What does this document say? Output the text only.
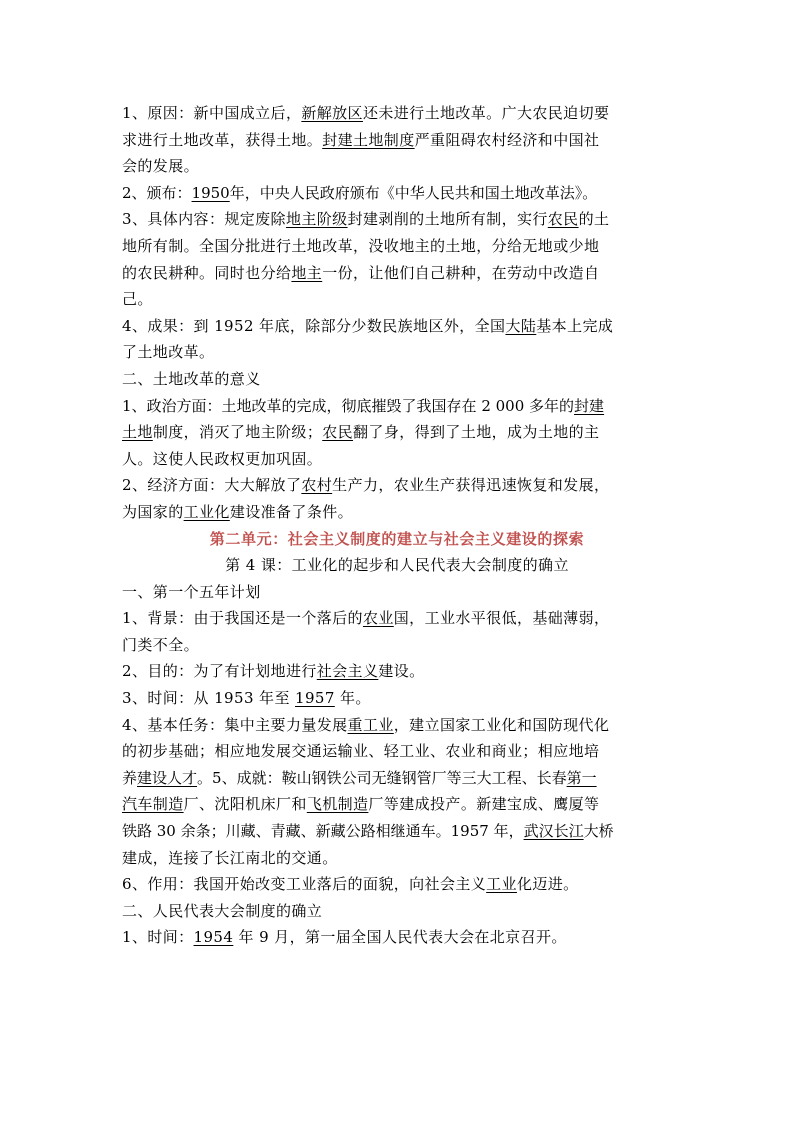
1、原因：新中国成立后，新解放区还未进行土地改革。广大农民迫切要
求进行土地改革，获得土地。封建土地制度严重阻碍农村经济和中国社
会的发展。
2、颁布：1950年，中央人民政府颁布《中华人民共和国土地改革法》。
3、具体内容：规定废除地主阶级封建剥削的土地所有制，实行农民的土
地所有制。全国分批进行土地改革，没收地主的土地，分给无地或少地
的农民耕种。同时也分给地主一份，让他们自己耕种，在劳动中改造自
己。
4、成果：到 1952 年底，除部分少数民族地区外，全国大陆基本上完成
了土地改革。
二、土地改革的意义
1、政治方面：土地改革的完成，彻底摧毁了我国存在 2 000 多年的封建
土地制度，消灭了地主阶级；农民翻了身，得到了土地，成为土地的主
人。这使人民政权更加巩固。
2、经济方面：大大解放了农村生产力，农业生产获得迅速恢复和发展，
为国家的工业化建设准备了条件。
第二单元：社会主义制度的建立与社会主义建设的探索
第 4 课：工业化的起步和人民代表大会制度的确立
一、第一个五年计划
1、背景：由于我国还是一个落后的农业国，工业水平很低，基础薄弱，
门类不全。
2、目的：为了有计划地进行社会主义建设。
3、时间：从 1953 年至 1957 年。
4、基本任务：集中主要力量发展重工业，建立国家工业化和国防现代化
的初步基础；相应地发展交通运输业、轻工业、农业和商业；相应地培
养建设人才。5、成就：鞍山钢铁公司无缝钢管厂等三大工程、长春第一
汽车制造厂、沈阳机床厂和飞机制造厂等建成投产。新建宝成、鹰厦等
铁路 30 余条；川藏、青藏、新藏公路相继通车。1957 年，武汉长江大桥
建成，连接了长江南北的交通。
6、作用：我国开始改变工业落后的面貌，向社会主义工业化迈进。
二、人民代表大会制度的确立
1、时间：1954 年 9 月，第一届全国人民代表大会在北京召开。
